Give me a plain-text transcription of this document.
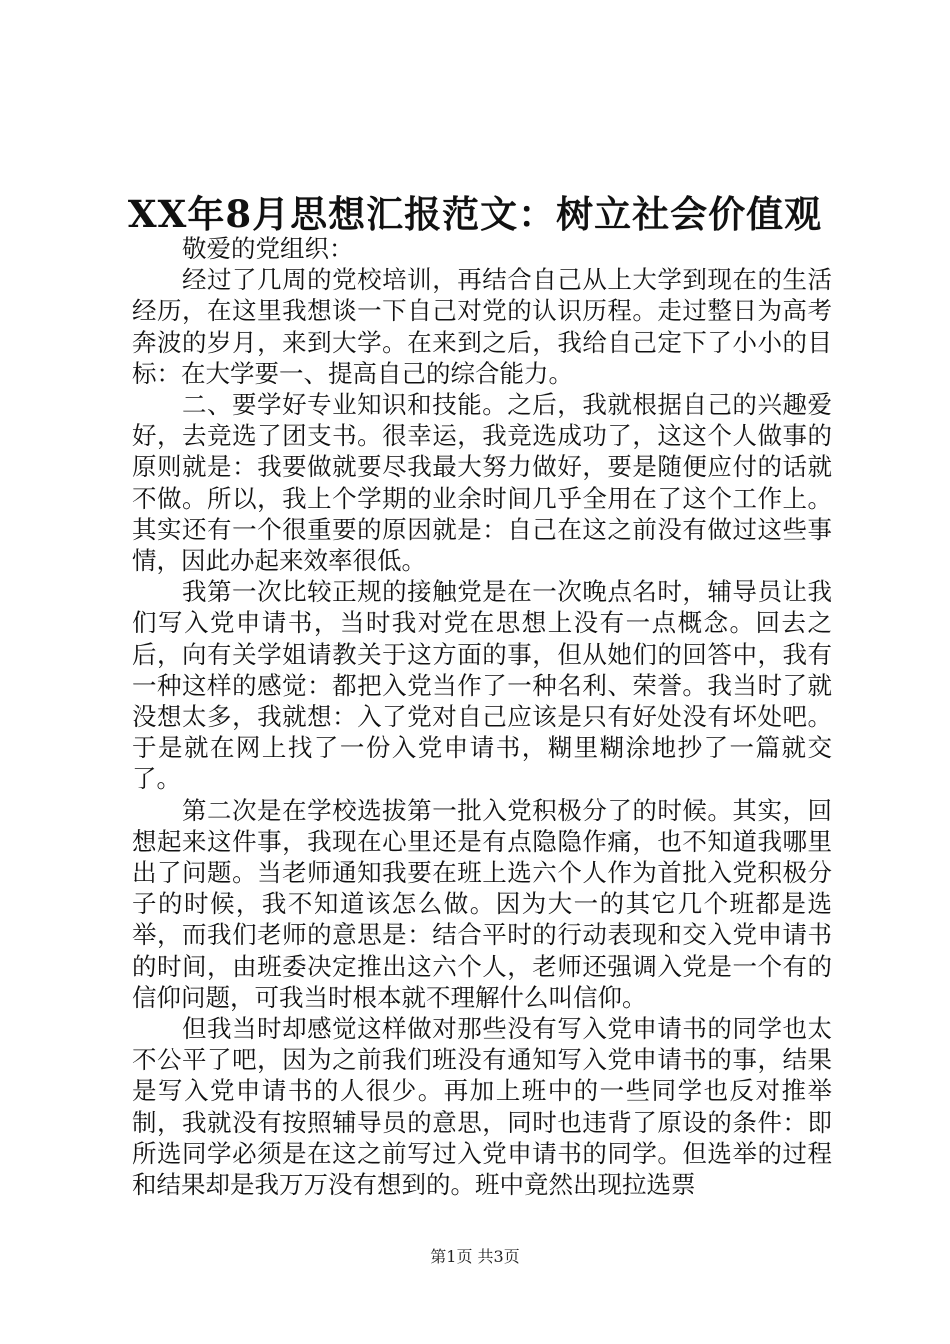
XX年8月思想汇报范文：树立社会价值观

敬爱的党组织：

经过了几周的党校培训，再结合自己从上大学到现在的生活经历，在这里我想谈一下自己对党的认识历程。走过整日为高考奔波的岁月，来到大学。在来到之后，我给自己定下了小小的目标：在大学要一、提高自己的综合能力。

二、要学好专业知识和技能。之后，我就根据自己的兴趣爱好，去竞选了团支书。很幸运，我竞选成功了，这这个人做事的原则就是：我要做就要尽我最大努力做好，要是随便应付的话就不做。所以，我上个学期的业余时间几乎全用在了这个工作上。其实还有一个很重要的原因就是：自己在这之前没有做过这些事情，因此办起来效率很低。

我第一次比较正规的接触党是在一次晚点名时，辅导员让我们写入党申请书，当时我对党在思想上没有一点概念。回去之后，向有关学姐请教关于这方面的事，但从她们的回答中，我有一种这样的感觉：都把入党当作了一种名利、荣誉。我当时了就没想太多，我就想：入了党对自己应该是只有好处没有坏处吧。于是就在网上找了一份入党申请书，糊里糊涂地抄了一篇就交了。

第二次是在学校选拔第一批入党积极分了的时候。其实，回想起来这件事，我现在心里还是有点隐隐作痛，也不知道我哪里出了问题。当老师通知我要在班上选六个人作为首批入党积极分子的时候，我不知道该怎么做。因为大一的其它几个班都是选举，而我们老师的意思是：结合平时的行动表现和交入党申请书的时间，由班委决定推出这六个人，老师还强调入党是一个有的信仰问题，可我当时根本就不理解什么叫信仰。

但我当时却感觉这样做对那些没有写入党申请书的同学也太不公平了吧，因为之前我们班没有通知写入党申请书的事，结果是写入党申请书的人很少。再加上班中的一些同学也反对推举制，我就没有按照辅导员的意思，同时也违背了原设的条件：即所选同学必须是在这之前写过入党申请书的同学。但选举的过程和结果却是我万万没有想到的。班中竟然出现拉选票

第1页 共3页
